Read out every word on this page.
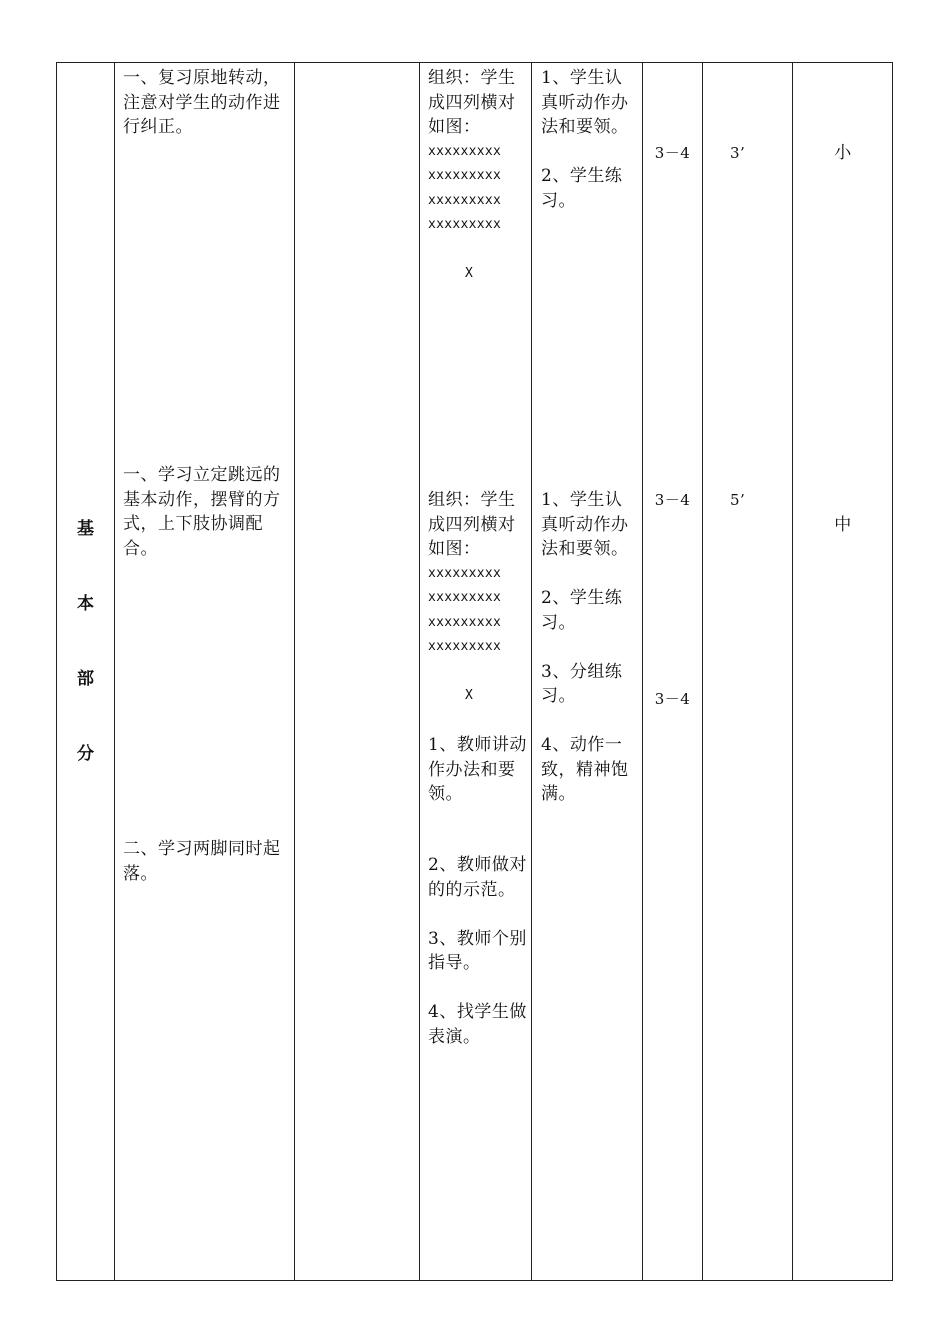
基
本
部
分

一、复习原地转动，注意对学生的动作进行纠正。

一、学习立定跳远的基本动作，摆臂的方式，上下肢协调配合。

二、学习两脚同时起落。

组织：学生成四列横对如图：

xxxxxxxxx
xxxxxxxxx
xxxxxxxxx
xxxxxxxxx
X

组织：学生成四列横对如图：

xxxxxxxxx
xxxxxxxxx
xxxxxxxxx
xxxxxxxxx
X

1、教师讲动作办法和要领。

2、教师做对的的示范。

3、教师个别指导。

4、找学生做表演。

1、学生认真听动作办法和要领。

2、学生练习。

1、学生认真听动作办法和要领。

2、学生练习。

3、分组练习。

4、动作一致，精神饱满。

3－4
3－4
3－4
3’
5’
小
中
